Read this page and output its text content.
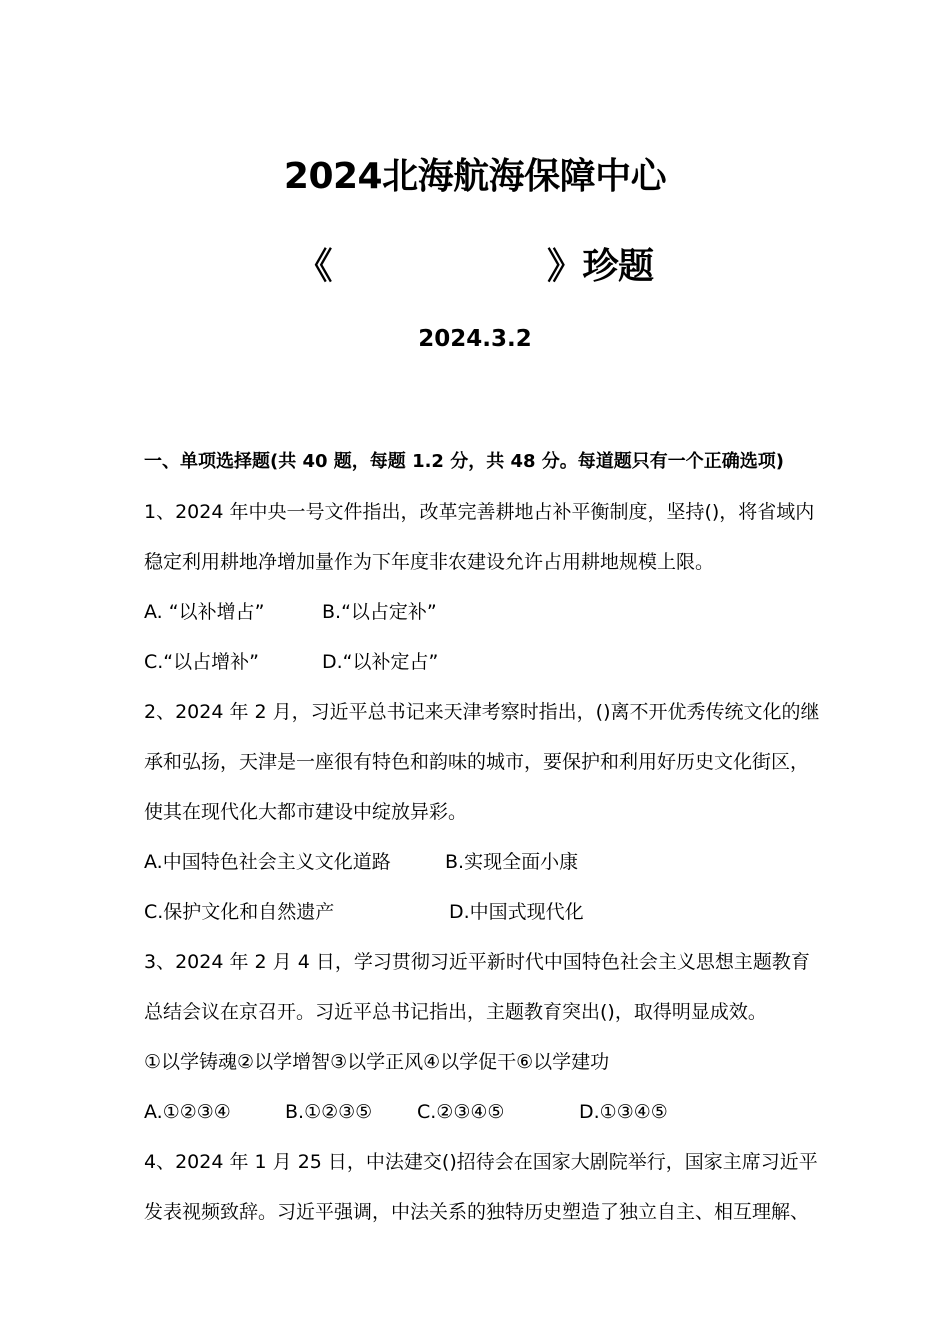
2024北海航海保障中心
《	》珍题
2024.3.2
一、单项选择题(共 40 题，每题 1.2 分，共 48 分。每道题只有一个正确选项)
1、2024 年中央一号文件指出，改革完善耕地占补平衡制度，坚持()，将省域内
稳定利用耕地净增加量作为下年度非农建设允许占用耕地规模上限。
A. “以补增占”	B.“以占定补”
C.“以占增补”	D.“以补定占”
2、2024 年 2 月，习近平总书记来天津考察时指出，()离不开优秀传统文化的继
承和弘扬，天津是一座很有特色和韵味的城市，要保护和利用好历史文化街区，
使其在现代化大都市建设中绽放异彩。
A.中国特色社会主义文化道路	B.实现全面小康
C.保护文化和自然遗产	D.中国式现代化
3、2024 年 2 月 4 日，学习贯彻习近平新时代中国特色社会主义思想主题教育
总结会议在京召开。习近平总书记指出，主题教育突出()，取得明显成效。
①以学铸魂②以学增智③以学正风④以学促干⑥以学建功
A.①②③④	B.①②③⑤ C.②③④⑤	D.①③④⑤
4、2024 年 1 月 25 日，中法建交()招待会在国家大剧院举行，国家主席习近平
发表视频致辞。习近平强调，中法关系的独特历史塑造了独立自主、相互理解、
